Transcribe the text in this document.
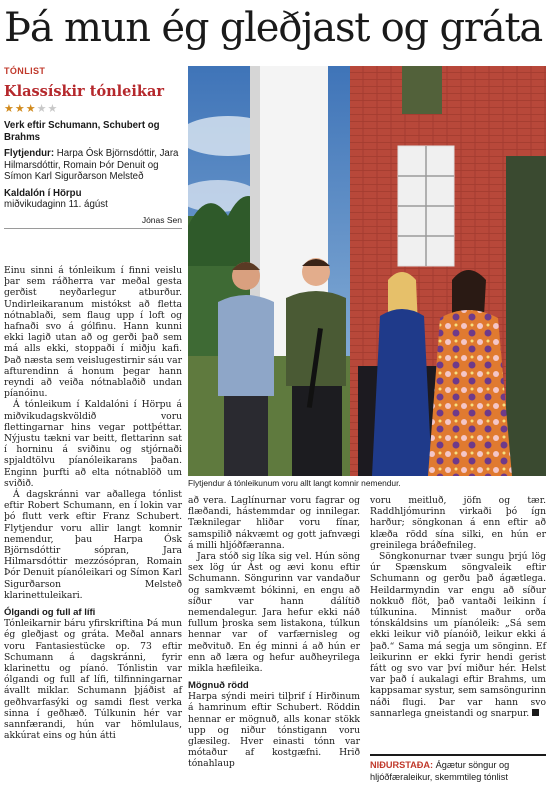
Þá mun ég gleðjast og gráta
TÓNLIST
Klassískir tónleikar
★★★★★
Verk eftir Schumann, Schubert og Brahms
Flytjendur: Harpa Ósk Björnsdóttir, Jara Hilmarsdóttir, Romain Þór Denuit og Símon Karl Sigurðarson Melsteð
Kaldalón í Hörpu
miðvikudaginn 11. ágúst
Jónas Sen
Flytjendur á tónleikunum voru allt langt komnir nemendur.

Einu sinni á tónleikum í finni veislu þar sem ráðherra var meðal gesta gerðist neyðarlegur atburður. Undirleikaranum mistókst að fletta nótnablaði, sem flaug upp í loft og hafnaði svo á gólfinu. Hann kunni ekki lagið utan að og gerði það sem má alls ekki, stoppaði í miðju kafi. Það næsta sem veislugestirnir sáu var afturendinn á honum þegar hann reyndi að veiða nótnablaðið undan píanóinu.

Á tónleikum í Kaldalóni í Hörpu á miðvikudagskvöldið voru flettingarnar hins vegar pottþéttar. Nýjustu tækni var beitt, flettarinn sat í horninu á sviðinu og stjórnaði spjaldtölvu píanóleikarans þaðan. Enginn þurfti að elta nótnablöð um sviðið.

Á dagskránni var aðallega tónlist eftir Robert Schumann, en í lokin var þó flutt verk eftir Franz Schubert. Flytjendur voru allir langt komnir nemendur, þau Harpa Ósk Björnsdóttir sópran, Jara Hilmarsdóttir mezzósópran, Romain Þór Denuit píanóleikari og Símon Karl Sigurðarson Melsteð klarinettuleikari.

Ólgandi og full af lífi

Tónleikarnir báru yfirskriftina Þá mun ég gleðjast og gráta. Meðal annars voru Fantasiestücke op. 73 eftir Schumann á dagskránni, fyrir klarinettu og píanó. Tónlistin var ólgandi og full af lífi, tilfinningarnar ávallt miklar. Schumann þjáðist af geðhvarfasýki og samdi flest verka sinna í geðhæð. Túlkunin hér var sannfærandi, hún var hömlulaus, akkúrat eins og hún átti

að vera. Laglínurnar voru fagrar og flæðandi, hástemmdar og innilegar. Tæknilegar hliðar voru fínar, samspilið nákvæmt og gott jafnvægi á milli hljóðfæranna.

Jara stóð sig líka sig vel. Hún söng sex lög úr Ást og ævi konu eftir Schumann. Söngurinn var vandaður og samkvæmt bókinni, en engu að síður var hann dálítið nemendalegur. Jara hefur ekki náð fullum þroska sem listakona, túlkun hennar var of varfærnisleg og meðvituð. En ég minni á að hún er enn að læra og hefur auðheyrilega mikla hæfileika.

Mögnuð rödd

Harpa sýndi meiri tilþrif í Hirðinum á hamrinum eftir Schubert. Röddin hennar er mögnuð, alls konar stökk upp og niður tónstigann voru glæsileg. Hver einasti tónn var mótaður af kostgæfni. Hrið tónahlaup

voru meitluð, jöfn og tær. Raddhljómurinn virkaði þó ígn harður; söngkonan á enn eftir að klæða rödd sína silki, en hún er greinilega bráðefnileg.

Söngkonurnar tvær sungu þrjú lög úr Spænskum söngvaleik eftir Schumann og gerðu það ágætlega. Heildarmyndin var engu að síður nokkuð flöt, það vantaði leikinn í túlkunina. Minnist maður orða tónskáldsins um píanóleik: „Sá sem ekki leikur við píanóið, leikur ekki á það.“ Sama má segja um sönginn. Ef leikurinn er ekki fyrir hendi gerist fátt og svo var því miður hér. Helst var það í aukalagi eftir Brahms, um kappsamar systur, sem samsöngurinn náði flugi. Þar var hann svo sannarlega gneistandi og snarpur.

NIÐURSTAÐA: Ágætur söngur og hljóðfæraleikur, skemmtileg tónlist
